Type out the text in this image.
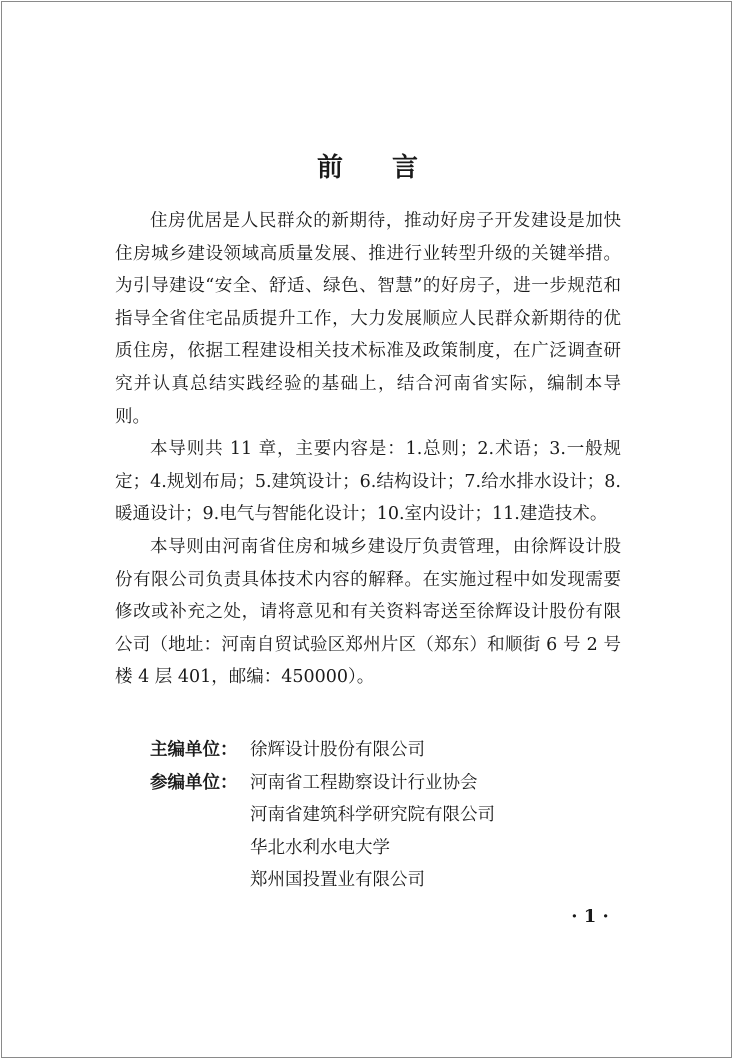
前 言

住房优居是人民群众的新期待，推动好房子开发建设是加快住房城乡建设领域高质量发展、推进行业转型升级的关键举措。为引导建设“安全、舒适、绿色、智慧”的好房子，进一步规范和指导全省住宅品质提升工作，大力发展顺应人民群众新期待的优质住房，依据工程建设相关技术标准及政策制度，在广泛调查研究并认真总结实践经验的基础上，结合河南省实际，编制本导则。

本导则共 11 章，主要内容是：1.总则；2.术语；3.一般规定；4.规划布局；5.建筑设计；6.结构设计；7.给水排水设计；8.暖通设计；9.电气与智能化设计；10.室内设计；11.建造技术。

本导则由河南省住房和城乡建设厅负责管理，由徐辉设计股份有限公司负责具体技术内容的解释。在实施过程中如发现需要修改或补充之处，请将意见和有关资料寄送至徐辉设计股份有限公司（地址：河南自贸试验区郑州片区（郑东）和顺街 6 号 2 号楼 4 层 401，邮编：450000）。

主编单位： 徐辉设计股份有限公司
参编单位： 河南省工程勘察设计行业协会
河南省建筑科学研究院有限公司
华北水利水电大学
郑州国投置业有限公司
· 1 ·
